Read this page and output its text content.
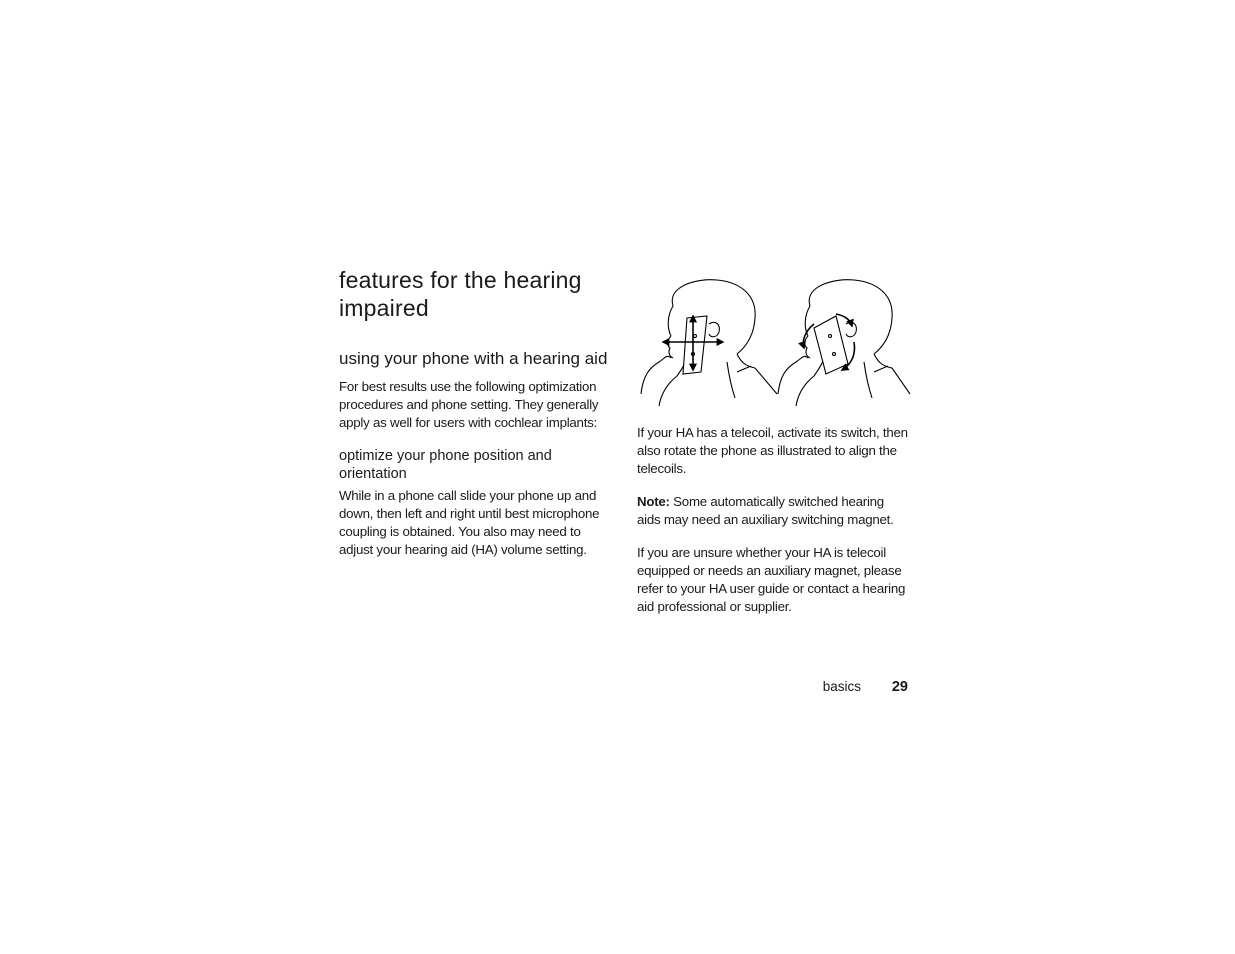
features for the hearing impaired
using your phone with a hearing aid

For best results use the following optimization procedures and phone setting. They generally apply as well for users with cochlear implants:

optimize your phone position and orientation

While in a phone call slide your phone up and down, then left and right until best microphone coupling is obtained. You also may need to adjust your hearing aid (HA) volume setting.

If your HA has a telecoil, activate its switch, then also rotate the phone as illustrated to align the telecoils.

Note: Some automatically switched hearing aids may need an auxiliary switching magnet.

If you are unsure whether your HA is telecoil equipped or needs an auxiliary magnet, please refer to your HA user guide or contact a hearing aid professional or supplier.

basics 29
